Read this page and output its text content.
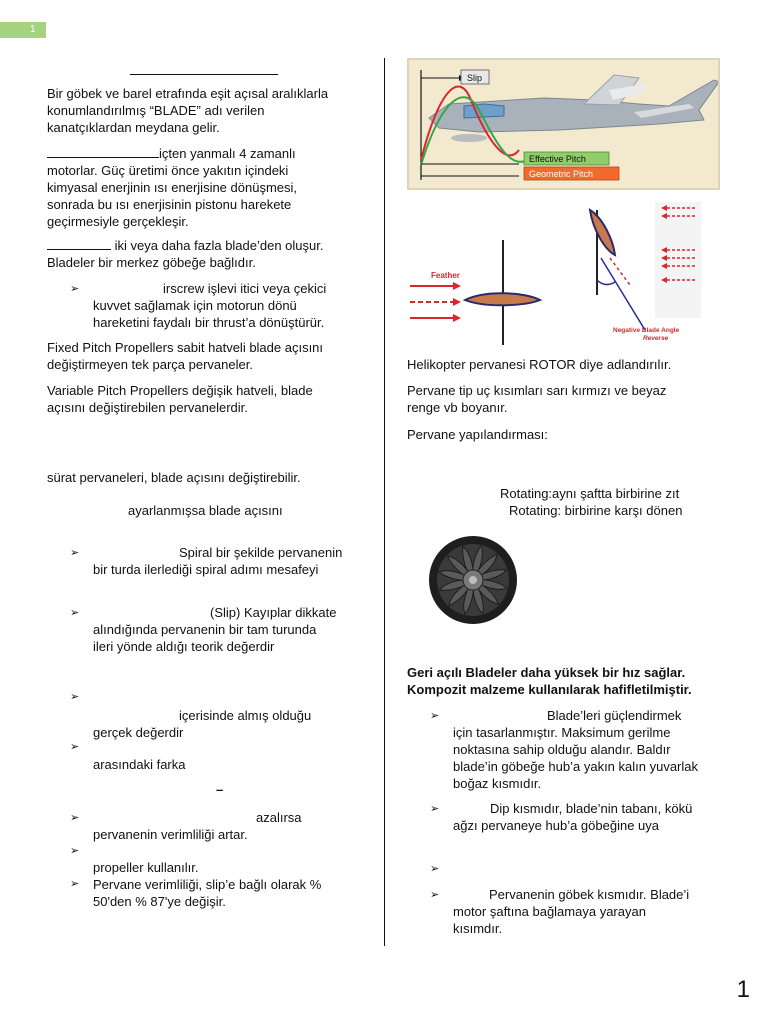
1
Bir göbek ve barel etrafında eşit açısal aralıklarla
konumlandırılmış “BLADE” adı verilen
kanatçıklardan meydana gelir.
içten yanmalı 4 zamanlı
motorlar. Güç üretimi önce yakıtın içindeki
kimyasal enerjinin ısı enerjisine dönüşmesi,
sonrada bu ısı enerjisinin pistonu harekete
geçirmesiyle gerçekleşir.
iki veya daha fazla blade’den oluşur.
Bladeler bir merkez göbeğe bağlıdır.
➢	irscrew işlevi itici veya çekici
kuvvet sağlamak için motorun dönü
hareketini faydalı bir thrust’a dönüştürür.
Fixed Pitch Propellers sabit hatveli blade açısını
değiştirmeyen tek parça pervaneler.
Variable Pitch Propellers değişik hatveli, blade
açısını değiştirebilen pervanelerdir.
sürat pervaneleri, blade açısını değiştirebilir.
ayarlanmışsa blade açısını
➢	Spiral bir şekilde pervanenin
bir turda ilerlediği spiral adımı mesafeyi
➢	(Slip) Kayıplar dikkate
alındığında pervanenin bir tam turunda
ileri yönde aldığı teorik değerdir
➢
içerisinde almış olduğu
gerçek değerdir
➢
arasındaki farka
–
➢	azalırsa
pervanenin verimliliği artar.
➢
propeller kullanılır.
➢ Pervane verimliliği, slip’e bağlı olarak %
50'den % 87'ye değişir.
Slip
Effective Pitch
Geometric Pitch
Feather
Negative Blade Angle
Reverse
Helikopter pervanesi ROTOR diye adlandırılır.
Pervane tip uç kısımları sarı kırmızı ve beyaz
renge vb boyanır.
Pervane yapılandırması:
Rotating:aynı şaftta birbirine zıt
Rotating: birbirine karşı dönen
Geri açılı Bladeler daha yüksek bir hız sağlar.
Kompozit malzeme kullanılarak hafifletilmiştir.
➢	Blade’leri güçlendirmek
için tasarlanmıştır. Maksimum gerilme
noktasına sahip olduğu alandır. Baldır
blade’in göbeğe hub’a yakın kalın yuvarlak
boğaz kısmıdır.
➢	Dip kısmıdır, blade’nin tabanı, kökü
ağzı pervaneye hub’a göbeğine uya
➢
➢	Pervanenin göbek kısmıdır. Blade’i
motor şaftına bağlamaya yarayan
kısımdır.
1
